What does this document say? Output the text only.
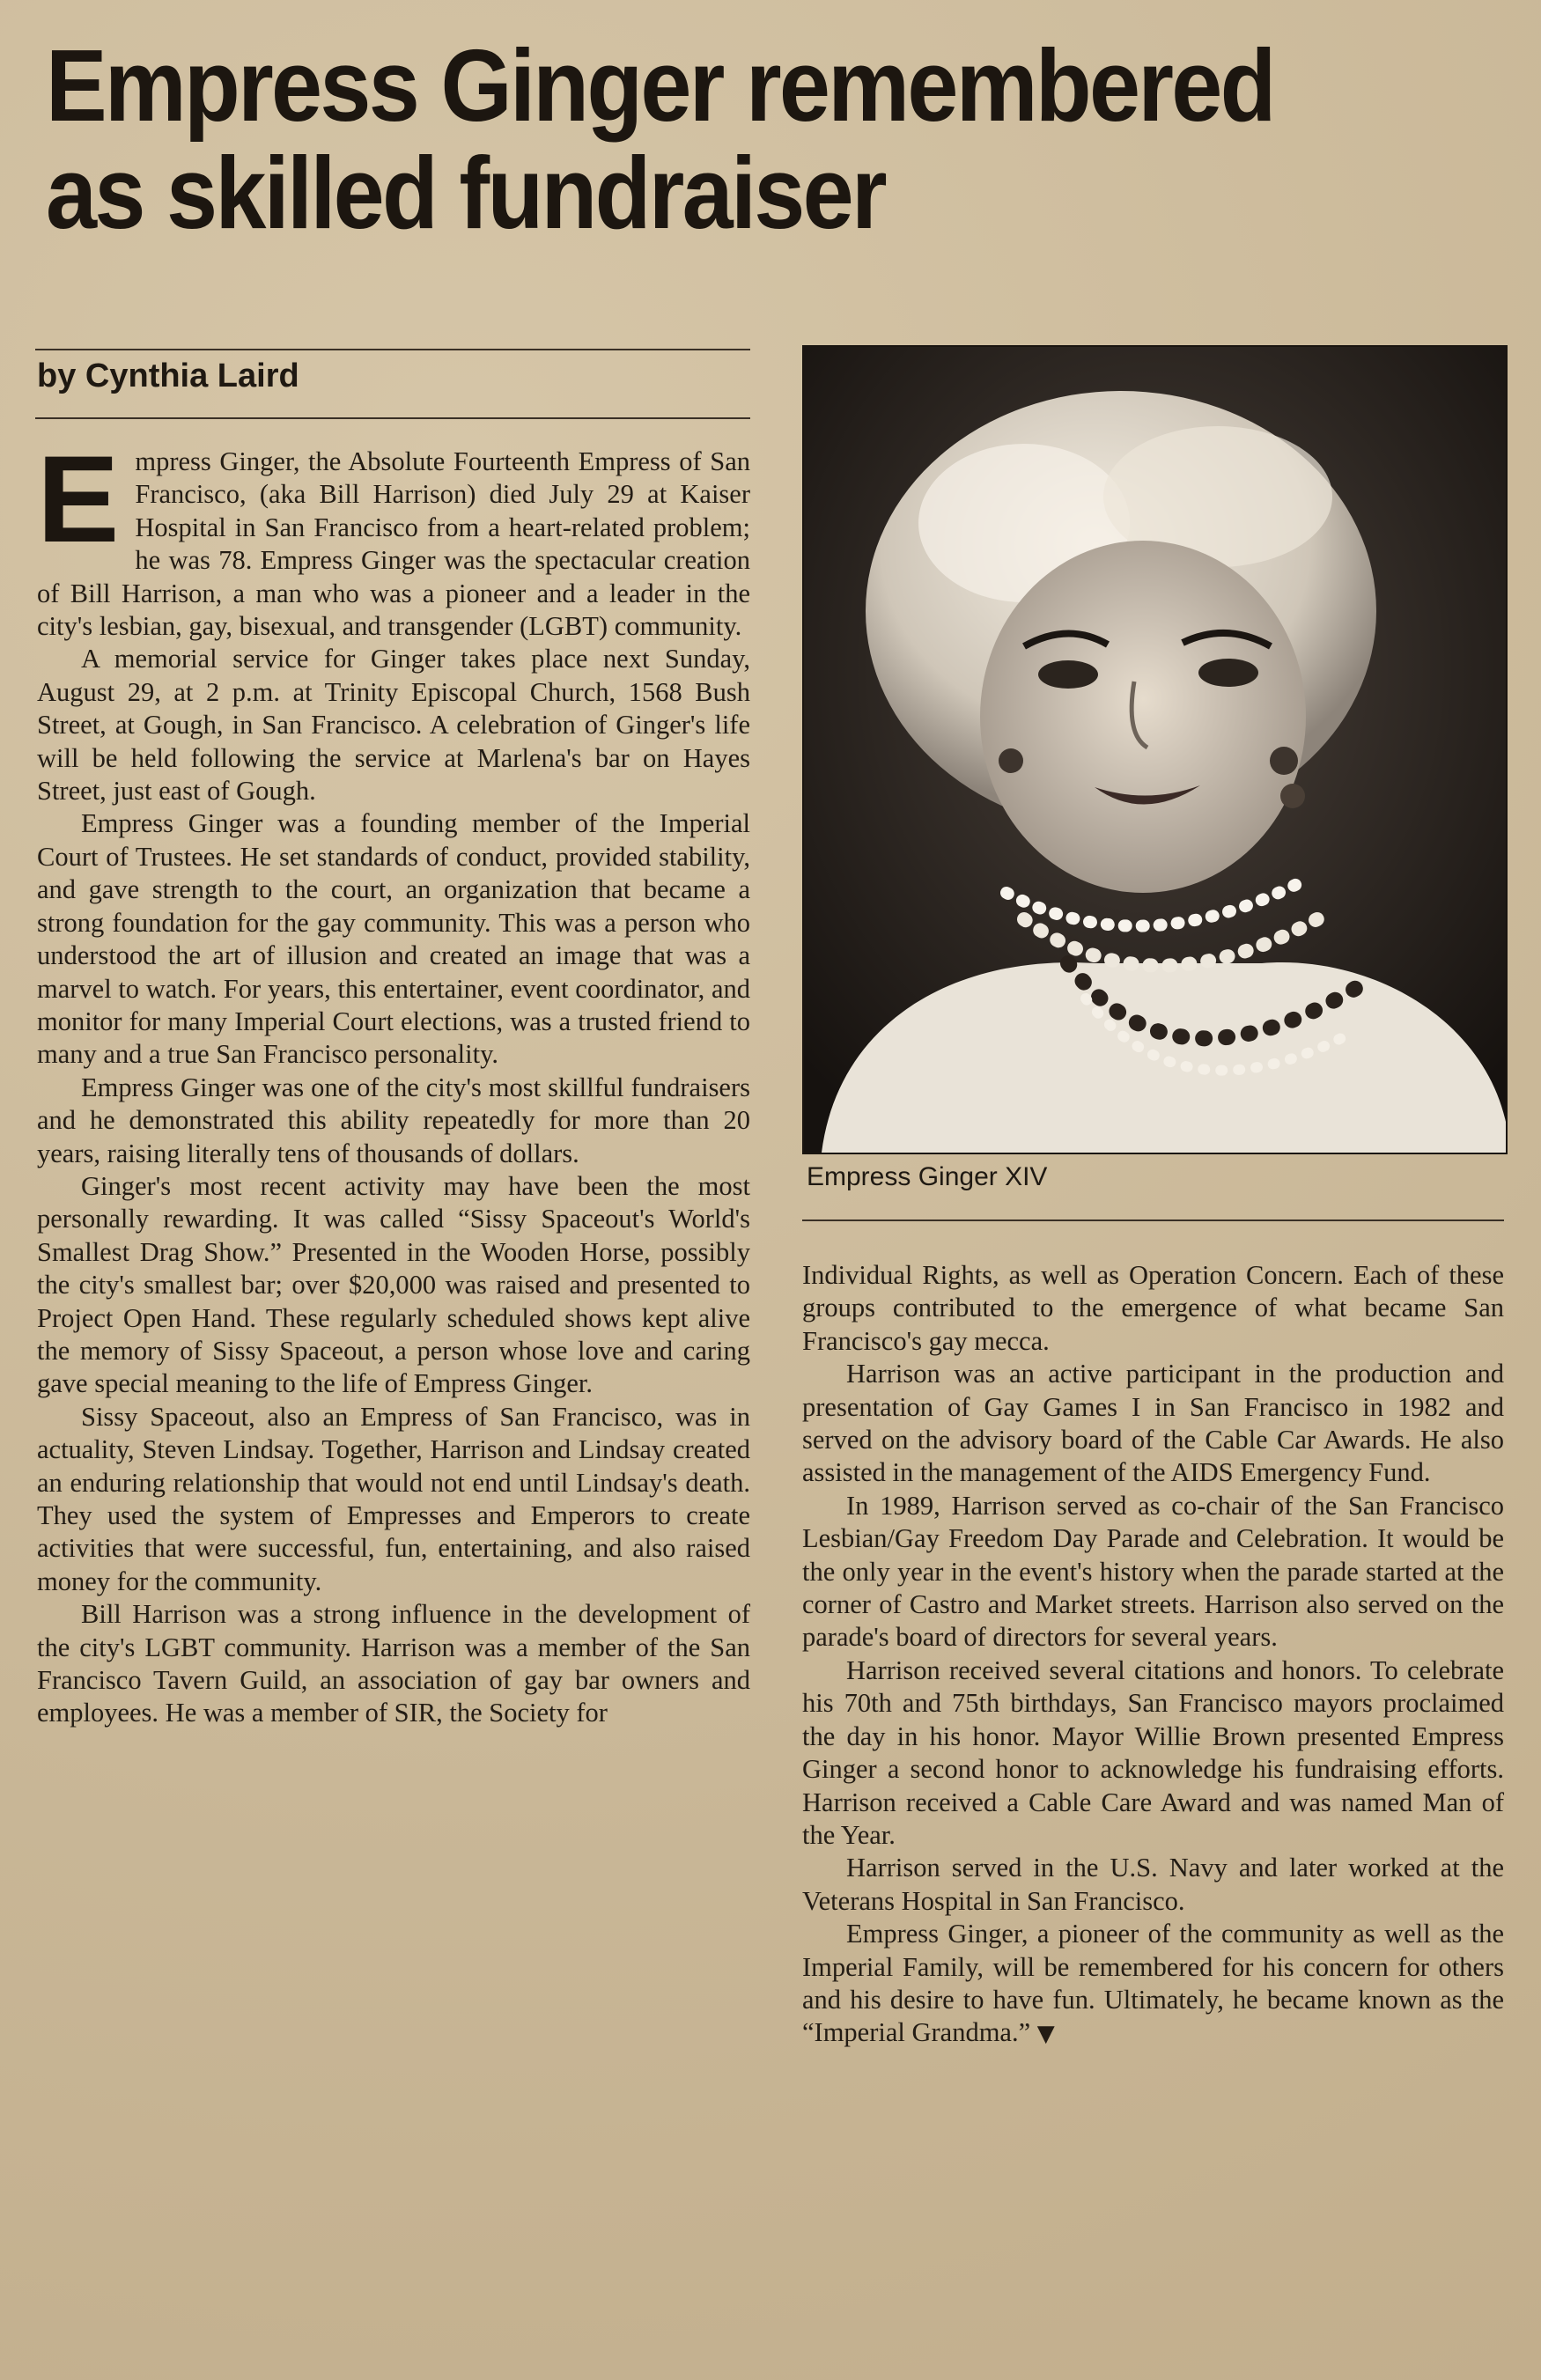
Empress Ginger remembered
as skilled fundraiser
by Cynthia Laird

Empress Ginger, the Absolute Fourteenth Empress of San Francisco, (aka Bill Harrison) died July 29 at Kaiser Hospital in San Francisco from a heart-related problem; he was 78. Empress Ginger was the spectacular creation of Bill Harrison, a man who was a pioneer and a leader in the city's lesbian, gay, bisexual, and transgender (LGBT) community.

A memorial service for Ginger takes place next Sunday, August 29, at 2 p.m. at Trinity Episcopal Church, 1568 Bush Street, at Gough, in San Francisco. A celebration of Ginger's life will be held following the service at Marlena's bar on Hayes Street, just east of Gough.

Empress Ginger was a founding member of the Imperial Court of Trustees. He set standards of conduct, provided stability, and gave strength to the court, an organization that became a strong foundation for the gay community. This was a person who understood the art of illusion and created an image that was a marvel to watch. For years, this entertainer, event coordinator, and monitor for many Imperial Court elections, was a trusted friend to many and a true San Francisco personality.

Empress Ginger was one of the city's most skillful fundraisers and he demonstrated this ability repeatedly for more than 20 years, raising literally tens of thousands of dollars.

Ginger's most recent activity may have been the most personally rewarding. It was called “Sissy Spaceout's World's Smallest Drag Show.” Presented in the Wooden Horse, possibly the city's smallest bar; over $20,000 was raised and presented to Project Open Hand. These regularly scheduled shows kept alive the memory of Sissy Spaceout, a person whose love and caring gave special meaning to the life of Empress Ginger.

Sissy Spaceout, also an Empress of San Francisco, was in actuality, Steven Lindsay. Together, Harrison and Lindsay created an enduring relationship that would not end until Lindsay's death. They used the system of Empresses and Emperors to create activities that were successful, fun, entertaining, and also raised money for the community.

Bill Harrison was a strong influence in the development of the city's LGBT community. Harrison was a member of the San Francisco Tavern Guild, an association of gay bar owners and employees. He was a member of SIR, the Society for

Empress Ginger XIV

Individual Rights, as well as Operation Concern. Each of these groups contributed to the emergence of what became San Francisco's gay mecca.

Harrison was an active participant in the production and presentation of Gay Games I in San Francisco in 1982 and served on the advisory board of the Cable Car Awards. He also assisted in the management of the AIDS Emergency Fund.

In 1989, Harrison served as co-chair of the San Francisco Lesbian/Gay Freedom Day Parade and Celebration. It would be the only year in the event's history when the parade started at the corner of Castro and Market streets. Harrison also served on the parade's board of directors for several years.

Harrison received several citations and honors. To celebrate his 70th and 75th birthdays, San Francisco mayors proclaimed the day in his honor. Mayor Willie Brown presented Empress Ginger a second honor to acknowledge his fundraising efforts. Harrison received a Cable Care Award and was named Man of the Year.

Harrison served in the U.S. Navy and later worked at the Veterans Hospital in San Francisco.

Empress Ginger, a pioneer of the community as well as the Imperial Family, will be remembered for his concern for others and his desire to have fun. Ultimately, he became known as the “Imperial Grandma.” ▼
